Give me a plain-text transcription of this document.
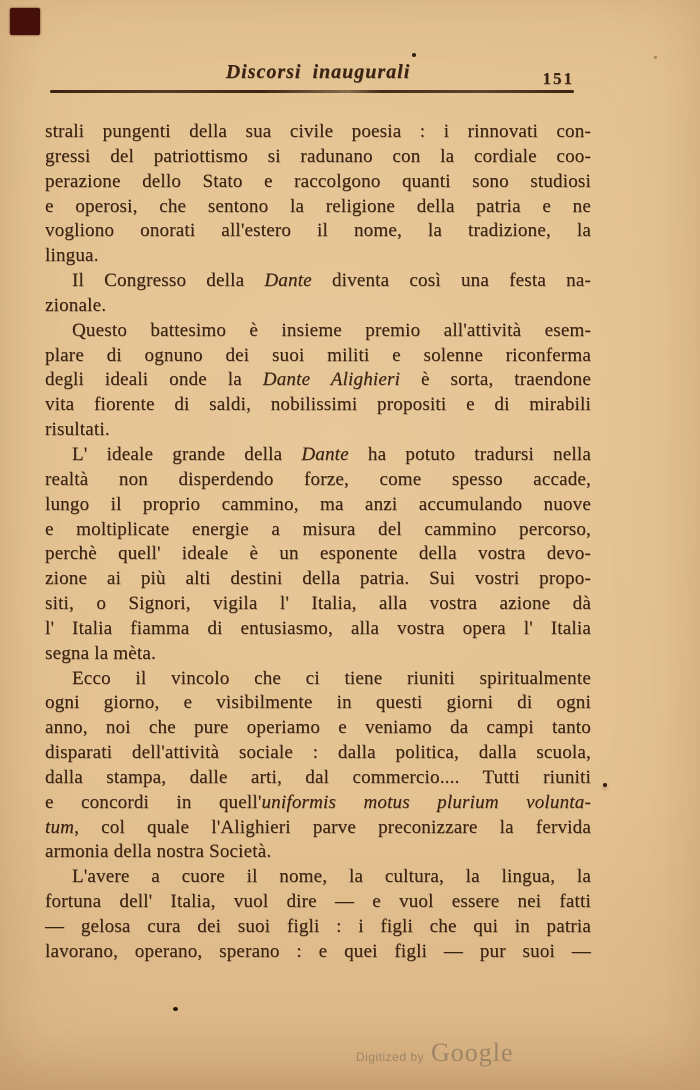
Discorsi inaugurali	151
strali pungenti della sua civile poesia : i rinnovati con-
gressi del patriottismo si radunano con la cordiale coo-
perazione dello Stato e raccolgono quanti sono studiosi
e operosi, che sentono la religione della patria e ne
vogliono onorati all'estero il nome, la tradizione, la
lingua.
Il Congresso della Dante diventa così una festa na-
zionale.
Questo battesimo è insieme premio all'attività esem-
plare di ognuno dei suoi militi e solenne riconferma
degli ideali onde la Dante Alighieri è sorta, traendone
vita fiorente di saldi, nobilissimi propositi e di mirabili
risultati.
L' ideale grande della Dante ha potuto tradursi nella
realtà non disperdendo forze, come spesso accade,
lungo il proprio cammino, ma anzi accumulando nuove
e moltiplicate energie a misura del cammino percorso,
perchè quell' ideale è un esponente della vostra devo-
zione ai più alti destini della patria. Sui vostri propo-
siti, o Signori, vigila l' Italia, alla vostra azione dà
l' Italia fiamma di entusiasmo, alla vostra opera l' Italia
segna la mèta.
Ecco il vincolo che ci tiene riuniti spiritualmente
ogni giorno, e visibilmente in questi giorni di ogni
anno, noi che pure operiamo e veniamo da campi tanto
disparati dell'attività sociale : dalla politica, dalla scuola,
dalla stampa, dalle arti, dal commercio.... Tutti riuniti
e concordi in quell'uniformis motus plurium volunta-
tum, col quale l'Alighieri parve preconizzare la fervida
armonia della nostra Società.
L'avere a cuore il nome, la cultura, la lingua, la
fortuna dell' Italia, vuol dire — e vuol essere nei fatti
— gelosa cura dei suoi figli : i figli che qui in patria
lavorano, operano, sperano : e quei figli — pur suoi —
Digitized by Google
